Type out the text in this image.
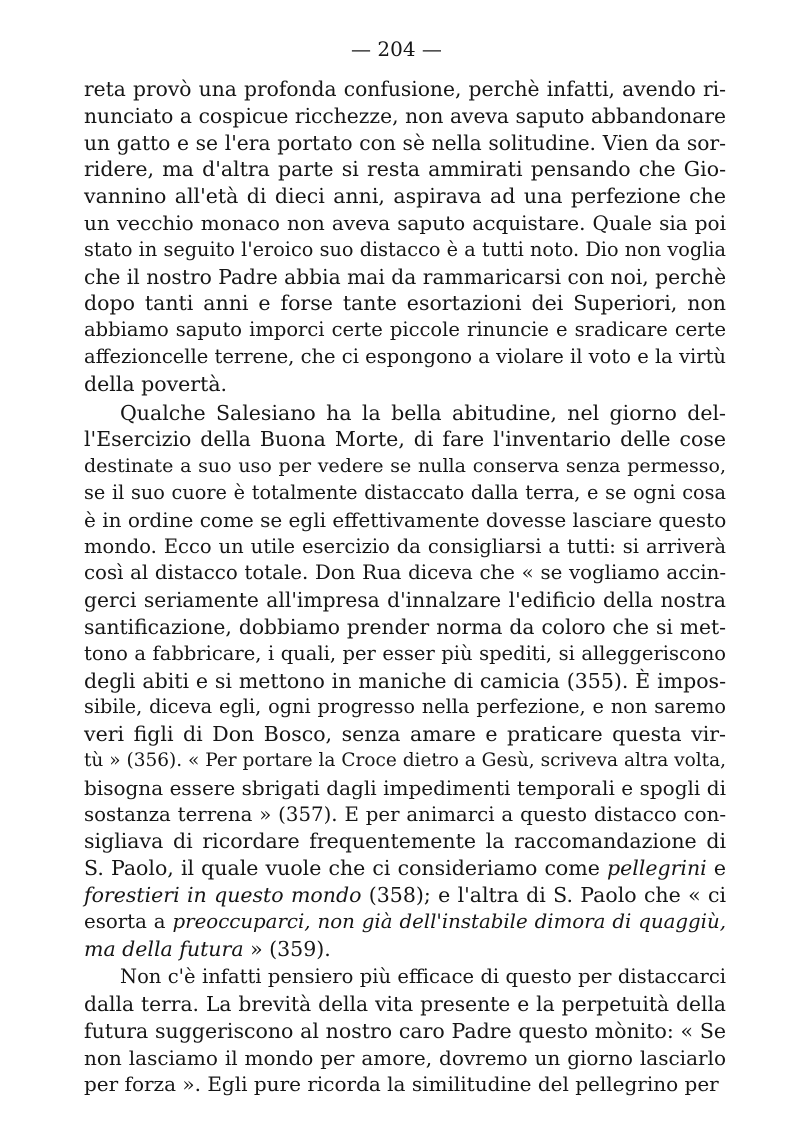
— 204 —
reta provò una profonda confusione, perchè infatti, avendo ri-
nunciato a cospicue ricchezze, non aveva saputo abbandonare
un gatto e se l'era portato con sè nella solitudine. Vien da sor-
ridere, ma d'altra parte si resta ammirati pensando che Gio-
vannino all'età di dieci anni, aspirava ad una perfezione che
un vecchio monaco non aveva saputo acquistare. Quale sia poi
stato in seguito l'eroico suo distacco è a tutti noto. Dio non voglia
che il nostro Padre abbia mai da rammaricarsi con noi, perchè
dopo tanti anni e forse tante esortazioni dei Superiori, non
abbiamo saputo imporci certe piccole rinuncie e sradicare certe
affezioncelle terrene, che ci espongono a violare il voto e la virtù
della povertà.
Qualche Salesiano ha la bella abitudine, nel giorno del-
l'Esercizio della Buona Morte, di fare l'inventario delle cose
destinate a suo uso per vedere se nulla conserva senza permesso,
se il suo cuore è totalmente distaccato dalla terra, e se ogni cosa
è in ordine come se egli effettivamente dovesse lasciare questo
mondo. Ecco un utile esercizio da consigliarsi a tutti: si arriverà
così al distacco totale. Don Rua diceva che « se vogliamo accin-
gerci seriamente all'impresa d'innalzare l'edificio della nostra
santificazione, dobbiamo prender norma da coloro che si met-
tono a fabbricare, i quali, per esser più spediti, si alleggeriscono
degli abiti e si mettono in maniche di camicia (355). È impos-
sibile, diceva egli, ogni progresso nella perfezione, e non saremo
veri figli di Don Bosco, senza amare e praticare questa vir-
tù » (356). « Per portare la Croce dietro a Gesù, scriveva altra volta,
bisogna essere sbrigati dagli impedimenti temporali e spogli di
sostanza terrena » (357). E per animarci a questo distacco con-
sigliava di ricordare frequentemente la raccomandazione di
S. Paolo, il quale vuole che ci consideriamo come pellegrini e
forestieri in questo mondo (358); e l'altra di S. Paolo che « ci
esorta a preoccuparci, non già dell'instabile dimora di quaggiù,
ma della futura » (359).
Non c'è infatti pensiero più efficace di questo per distaccarci
dalla terra. La brevità della vita presente e la perpetuità della
futura suggeriscono al nostro caro Padre questo mònito: « Se
non lasciamo il mondo per amore, dovremo un giorno lasciarlo
per forza ». Egli pure ricorda la similitudine del pellegrino per
